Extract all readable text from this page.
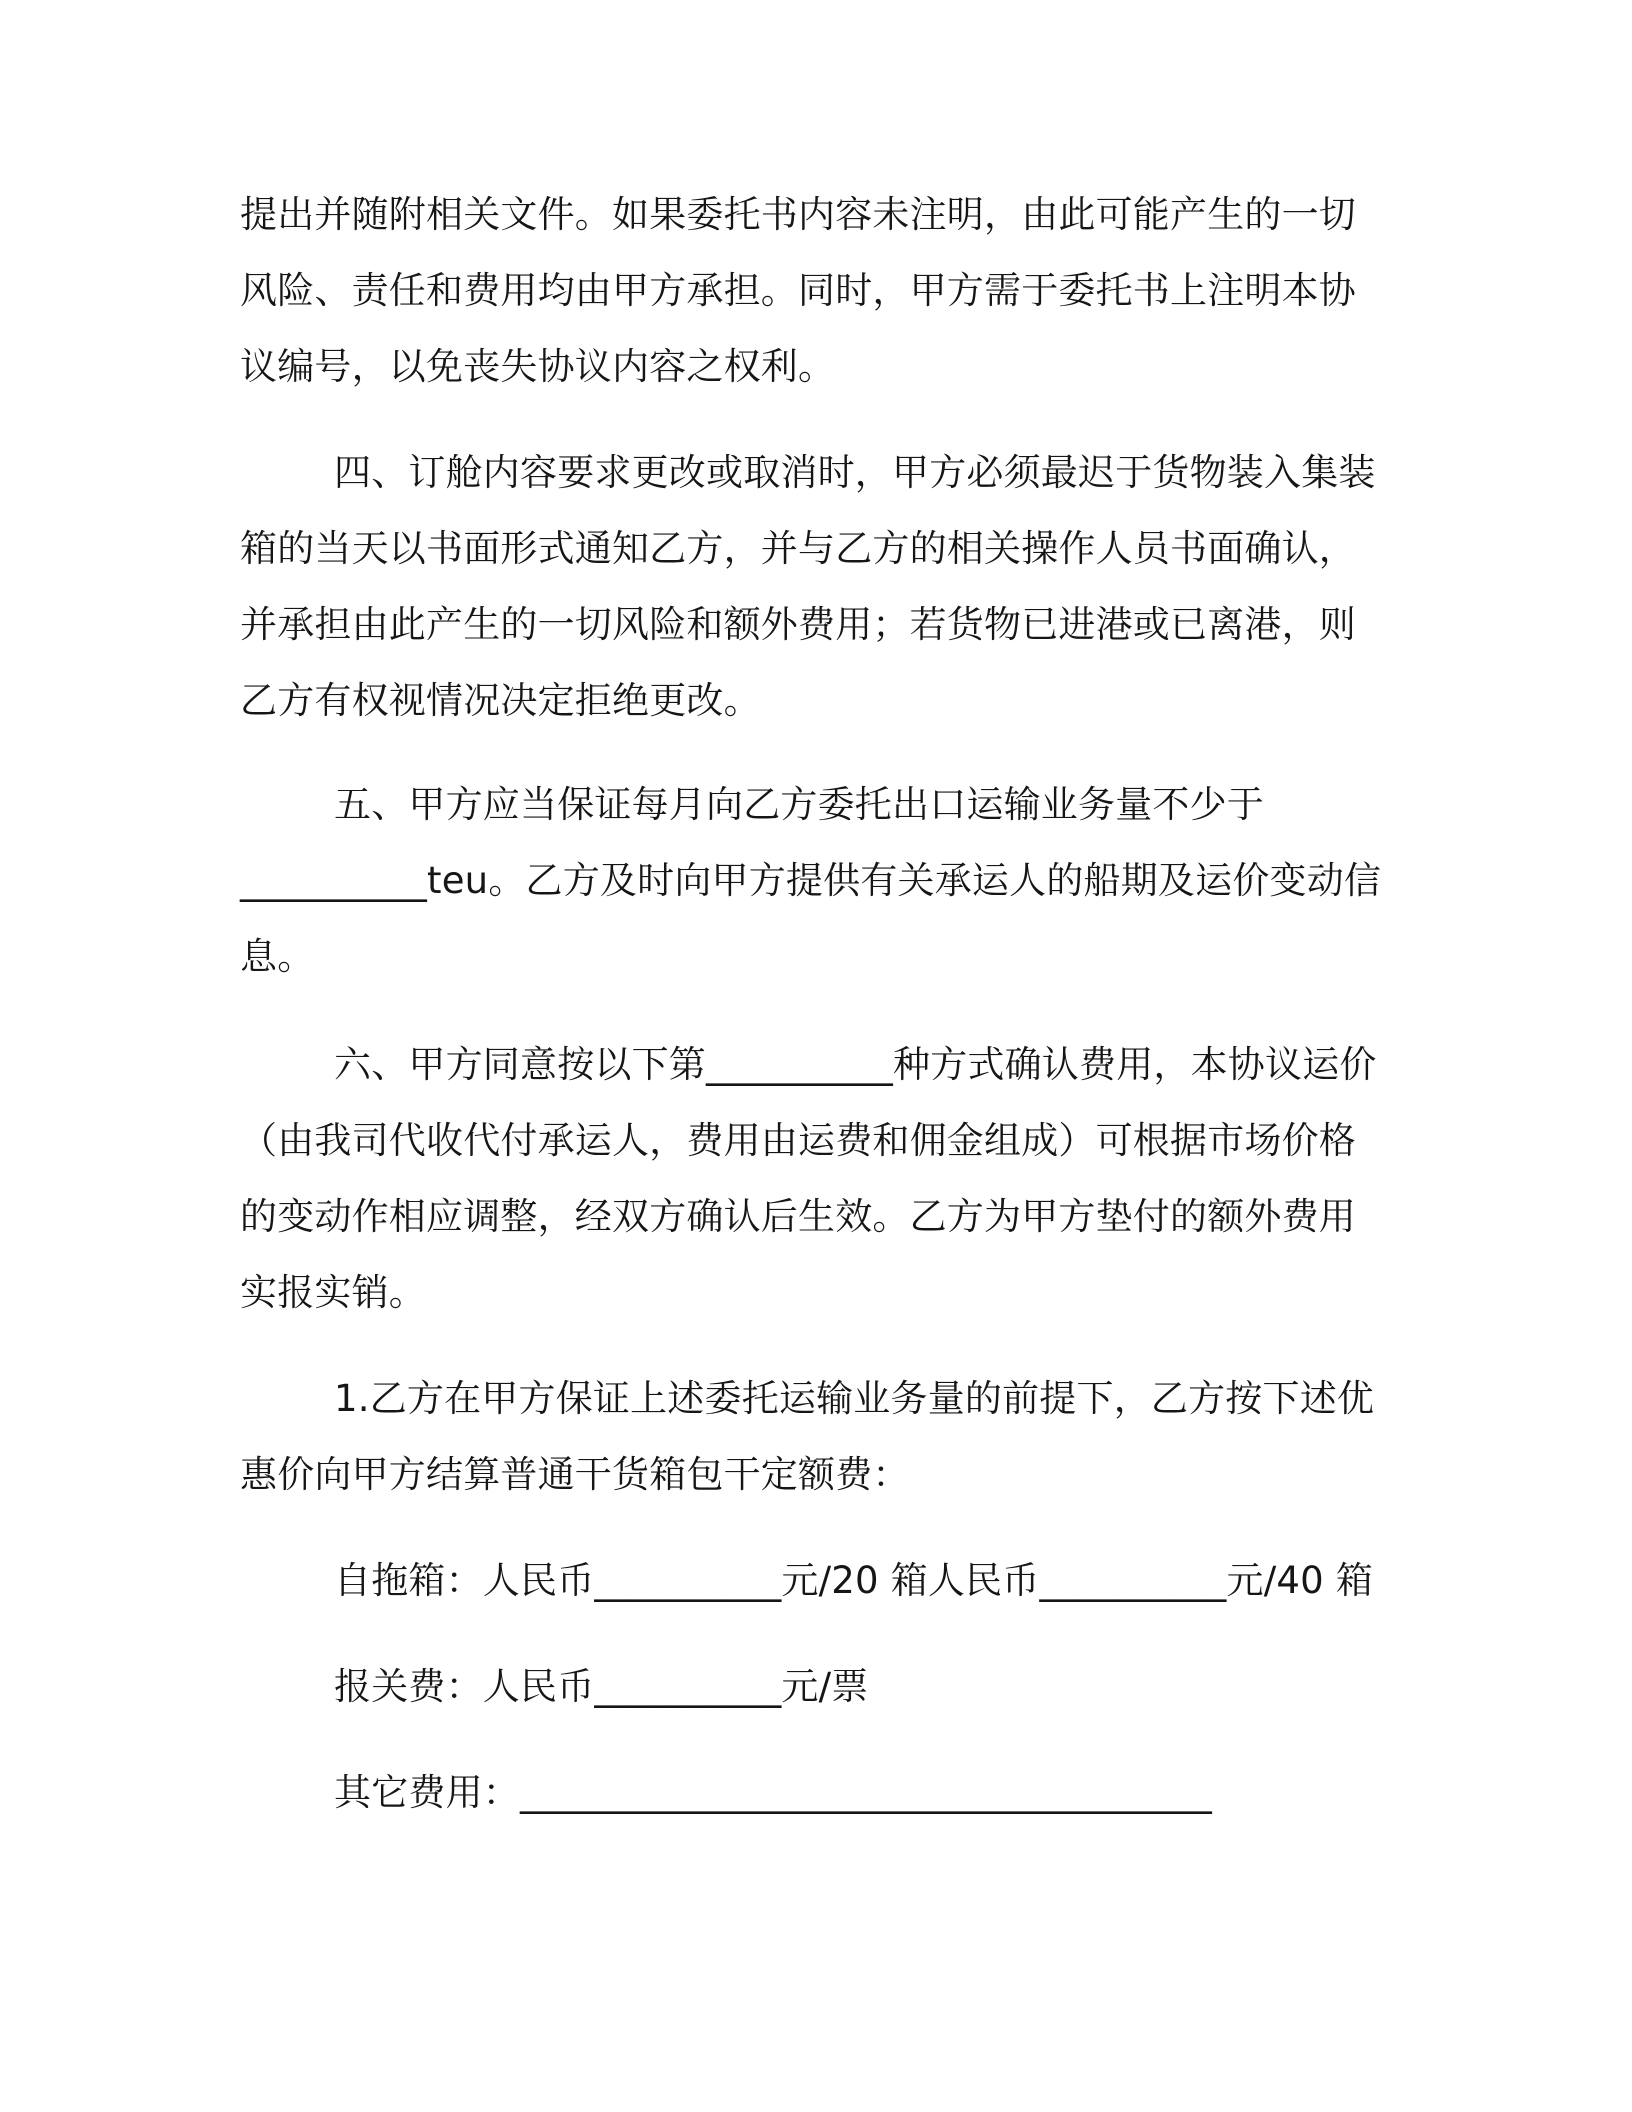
提出并随附相关文件。如果委托书内容未注明，由此可能产生的一切

风险、责任和费用均由甲方承担。同时，甲方需于委托书上注明本协

议编号，以免丧失协议内容之权利。

四、订舱内容要求更改或取消时，甲方必须最迟于货物装入集装

箱的当天以书面形式通知乙方，并与乙方的相关操作人员书面确认，

并承担由此产生的一切风险和额外费用；若货物已进港或已离港，则

乙方有权视情况决定拒绝更改。

五、甲方应当保证每月向乙方委托出口运输业务量不少于

__________teu。乙方及时向甲方提供有关承运人的船期及运价变动信

息。

六、甲方同意按以下第__________种方式确认费用，本协议运价

（由我司代收代付承运人，费用由运费和佣金组成）可根据市场价格

的变动作相应调整，经双方确认后生效。乙方为甲方垫付的额外费用

实报实销。

1.乙方在甲方保证上述委托运输业务量的前提下，乙方按下述优

惠价向甲方结算普通干货箱包干定额费：

自拖箱：人民币__________元/20 箱人民币__________元/40 箱

报关费：人民币__________元/票

其它费用：_____________________________________
